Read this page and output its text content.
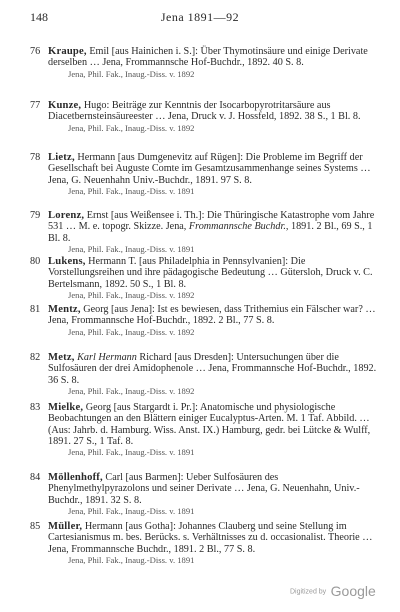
148	Jena 1891—92
76 Kraupe, Emil [aus Hainichen i. S.]: Über Thymotinsäure und einige Derivate derselben … Jena, Frommannsche Hof-Buchdr., 1892. 40 S. 8.
Jena, Phil. Fak., Inaug.-Diss. v. 1892
77 Kunze, Hugo: Beiträge zur Kenntnis der Isocarbopyrotritarsäure aus Diacetbernsteinsäureester … Jena, Druck v. J. Hossfeld, 1892. 38 S., 1 Bl. 8.
Jena, Phil. Fak., Inaug.-Diss. v. 1892
78 Lietz, Hermann [aus Dumgenevitz auf Rügen]: Die Probleme im Begriff der Gesellschaft bei Auguste Comte im Gesamtzusammenhange seines Systems … Jena, G. Neuenhahn Univ.-Buchdr., 1891. 97 S. 8.
Jena, Phil. Fak., Inaug.-Diss. v. 1891
79 Lorenz, Ernst [aus Weißensee i. Th.]: Die Thüringische Katastrophe vom Jahre 531 … M. e. topogr. Skizze. Jena, Frommannsche Buchdr., 1891. 2 Bl., 69 S., 1 Bl. 8.
Jena, Phil. Fak., Inaug.-Diss. v. 1891
80 Lukens, Hermann T. [aus Philadelphia in Pennsylvanien]: Die Vorstellungsreihen und ihre pädagogische Bedeutung … Gütersloh, Druck v. C. Bertelsmann, 1892. 50 S., 1 Bl. 8.
Jena, Phil. Fak., Inaug.-Diss. v. 1892
81 Mentz, Georg [aus Jena]: Ist es bewiesen, dass Trithemius ein Fälscher war? … Jena, Frommannsche Hof-Buchdr., 1892. 2 Bl., 77 S. 8.
Jena, Phil. Fak., Inaug.-Diss. v. 1892
82 Metz, Karl Hermann Richard [aus Dresden]: Untersuchungen über die Sulfosäuren der drei Amidophenole … Jena, Frommannsche Hof-Buchdr., 1892. 36 S. 8.
Jena, Phil. Fak., Inaug.-Diss. v. 1892
83 Mielke, Georg [aus Stargardt i. Pr.]: Anatomische und physiologische Beobachtungen an den Blättern einiger Eucalyptus-Arten. M. 1 Taf. Abbild. … (Aus: Jahrb. d. Hamburg. Wiss. Anst. IX.) Hamburg, gedr. bei Lütcke & Wulff, 1891. 27 S., 1 Taf. 8.
Jena, Phil. Fak., Inaug.-Diss. v. 1891
84 Möllenhoff, Carl [aus Barmen]: Ueber Sulfosäuren des Phenylmethylpyrazolons und seiner Derivate … Jena, G. Neuenhahn, Univ.-Buchdr., 1891. 32 S. 8.
Jena, Phil. Fak., Inaug.-Diss. v. 1891
85 Müller, Hermann [aus Gotha]: Johannes Clauberg und seine Stellung im Cartesianismus m. bes. Berücks. s. Verhältnisses zu d. occasionalist. Theorie … Jena, Frommannsche Buchdr., 1891. 2 Bl., 77 S. 8.
Jena, Phil. Fak., Inaug.-Diss. v. 1891
Digitized by Google
